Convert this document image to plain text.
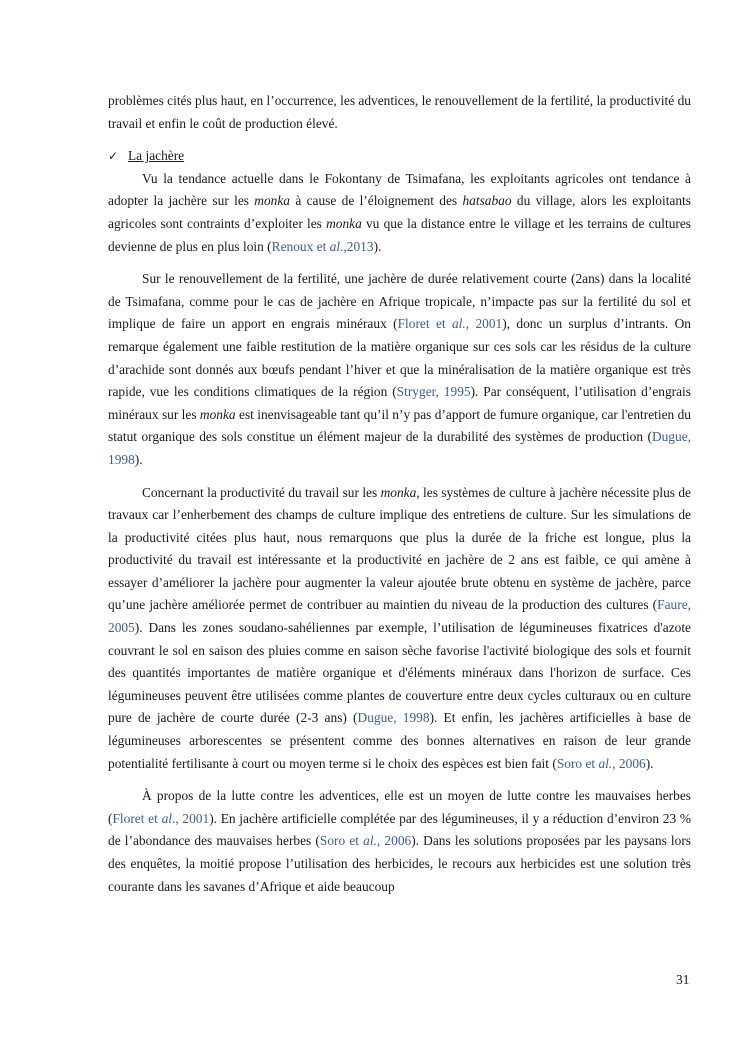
problèmes cités plus haut, en l’occurrence, les adventices, le renouvellement de la fertilité, la productivité du travail et enfin le coût de production élevé.

✓ La jachère

Vu la tendance actuelle dans le Fokontany de Tsimafana, les exploitants agricoles ont tendance à adopter la jachère sur les monka à cause de l’éloignement des hatsabao du village, alors les exploitants agricoles sont contraints d’exploiter les monka vu que la distance entre le village et les terrains de cultures devienne de plus en plus loin (Renoux et al.,2013).

Sur le renouvellement de la fertilité, une jachère de durée relativement courte (2ans) dans la localité de Tsimafana, comme pour le cas de jachère en Afrique tropicale, n’impacte pas sur la fertilité du sol et implique de faire un apport en engrais minéraux (Floret et al., 2001), donc un surplus d’intrants. On remarque également une faible restitution de la matière organique sur ces sols car les résidus de la culture d’arachide sont donnés aux bœufs pendant l’hiver et que la minéralisation de la matière organique est très rapide, vue les conditions climatiques de la région (Stryger, 1995). Par conséquent, l’utilisation d’engrais minéraux sur les monka est inenvisageable tant qu’il n’y pas d’apport de fumure organique, car l'entretien du statut organique des sols constitue un élément majeur de la durabilité des systèmes de production (Dugue, 1998).

Concernant la productivité du travail sur les monka, les systèmes de culture à jachère nécessite plus de travaux car l’enherbement des champs de culture implique des entretiens de culture. Sur les simulations de la productivité citées plus haut, nous remarquons que plus la durée de la friche est longue, plus la productivité du travail est intéressante et la productivité en jachère de 2 ans est faible, ce qui amène à essayer d’améliorer la jachère pour augmenter la valeur ajoutée brute obtenu en système de jachère, parce qu’une jachère améliorée permet de contribuer au maintien du niveau de la production des cultures (Faure, 2005). Dans les zones soudano-sahéliennes par exemple, l’utilisation de légumineuses fixatrices d'azote couvrant le sol en saison des pluies comme en saison sèche favorise l'activité biologique des sols et fournit des quantités importantes de matière organique et d'éléments minéraux dans l'horizon de surface. Ces légumineuses peuvent être utilisées comme plantes de couverture entre deux cycles culturaux ou en culture pure de jachère de courte durée (2-3 ans) (Dugue, 1998). Et enfin, les jachères artificielles à base de légumineuses arborescentes se présentent comme des bonnes alternatives en raison de leur grande potentialité fertilisante à court ou moyen terme si le choix des espèces est bien fait (Soro et al., 2006).

À propos de la lutte contre les adventices, elle est un moyen de lutte contre les mauvaises herbes (Floret et al., 2001). En jachère artificielle complétée par des légumineuses, il y a réduction d’environ 23 % de l’abondance des mauvaises herbes (Soro et al., 2006). Dans les solutions proposées par les paysans lors des enquêtes, la moitié propose l’utilisation des herbicides, le recours aux herbicides est une solution très courante dans les savanes d’Afrique et aide beaucoup

31
